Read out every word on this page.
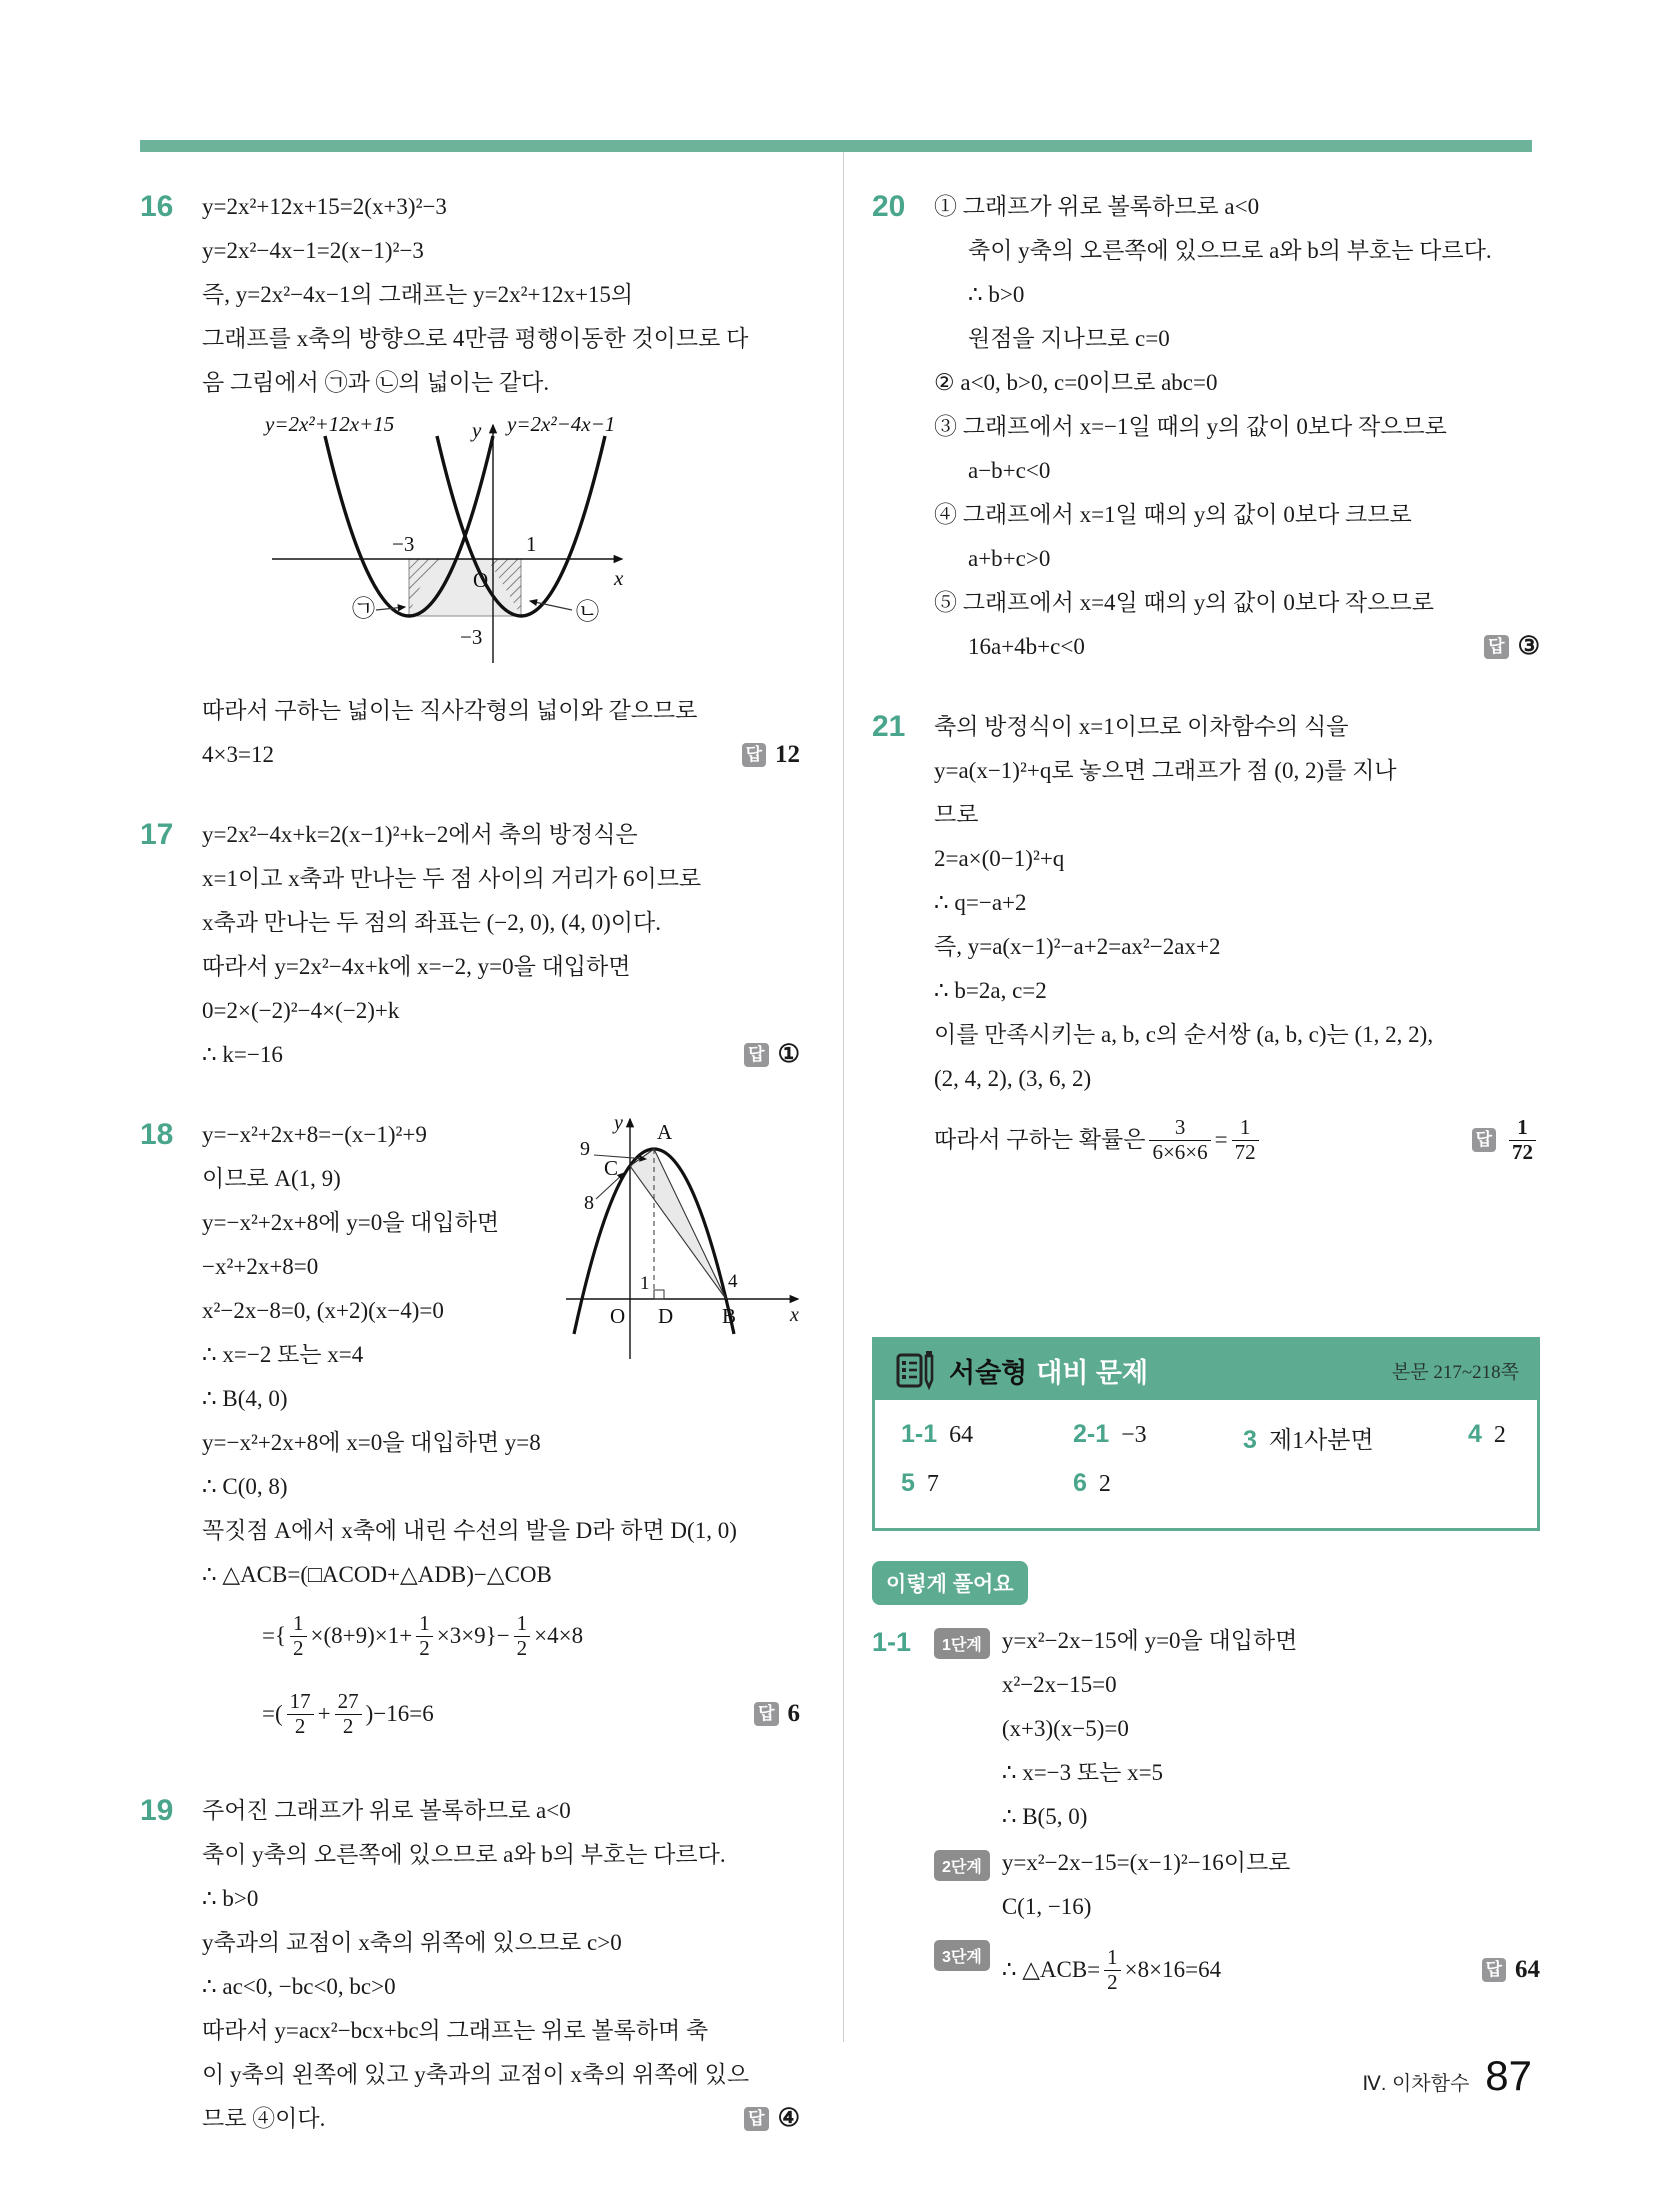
16	y=2x²+12x+15=2(x+3)²−3
y=2x²−4x−1=2(x−1)²−3
즉, y=2x²−4x−1의 그래프는 y=2x²+12x+15의
그래프를 x축의 방향으로 4만큼 평행이동한 것이므로 다
음 그림에서 ㉠과 ㉡의 넓이는 같다.
y=2x²+12x+15	y=2x²−4x−1
y
x
−3	1
O
−3
㉠	㉡
따라서 구하는 넓이는 직사각형의 넓이와 같으므로
4×3=12	답 12
17	y=2x²−4x+k=2(x−1)²+k−2에서 축의 방정식은
x=1이고 x축과 만나는 두 점 사이의 거리가 6이므로
x축과 만나는 두 점의 좌표는 (−2, 0), (4, 0)이다.
따라서 y=2x²−4x+k에 x=−2, y=0을 대입하면
0=2×(−2)²−4×(−2)+k
∴ k=−16	답 ①
18	y=−x²+2x+8=−(x−1)²+9
이므로 A(1, 9)
y=−x²+2x+8에 y=0을 대입하면
−x²+2x+8=0
x²−2x−8=0, (x+2)(x−4)=0
∴ x=−2 또는 x=4
∴ B(4, 0)
y
x
9
A
C
8
1	4
O D B
y=−x²+2x+8에 x=0을 대입하면 y=8
∴ C(0, 8)
꼭짓점 A에서 x축에 내린 수선의 발을 D라 하면 D(1, 0)
∴ △ACB=(□ACOD+△ADB)−△COB
={ $\frac{1}{2} \times(8+9)\times 1+ \frac{1}{2} \times 3\times 9\}- \frac{1}{2} \times 4\times 8$
=( $\frac{17}{2} + \frac{27}{2} )-16=6$	답 6
19	주어진 그래프가 위로 볼록하므로 a<0
축이 y축의 오른쪽에 있으므로 a와 b의 부호는 다르다.
∴ b>0
y축과의 교점이 x축의 위쪽에 있으므로 c>0
∴ ac<0, −bc<0, bc>0
따라서 y=acx²−bcx+bc의 그래프는 위로 볼록하며 축
이 y축의 왼쪽에 있고 y축과의 교점이 x축의 위쪽에 있으
므로 ④이다.	답 ④
20	① 그래프가 위로 볼록하므로 a<0
축이 y축의 오른쪽에 있으므로 a와 b의 부호는 다르다.
∴ b>0
원점을 지나므로 c=0
② a<0, b>0, c=0이므로 abc=0
③ 그래프에서 x=−1일 때의 y의 값이 0보다 작으므로
a−b+c<0
④ 그래프에서 x=1일 때의 y의 값이 0보다 크므로
a+b+c>0
⑤ 그래프에서 x=4일 때의 y의 값이 0보다 작으므로
16a+4b+c<0	답 ③
21	축의 방정식이 x=1이므로 이차함수의 식을
y=a(x−1)²+q로 놓으면 그래프가 점 (0, 2)를 지나
므로
2=a×(0−1)²+q
∴ q=−a+2
즉, y=a(x−1)²−a+2=ax²−2ax+2
∴ b=2a, c=2
이를 만족시키는 a, b, c의 순서쌍 (a, b, c)는 (1, 2, 2),
(2, 4, 2), (3, 6, 2)
따라서 구하는 확률은 $\frac{3}{6\times 6\times 6} = \frac{1}{72}$	답 $\frac{1}{72}$
서술형 대비 문제	본문 217~218쪽
1-1 64	2-1 −3	3 제1사분면	4 2
5 7	6 2
이렇게 풀어요
1-1	1단계 y=x²−2x−15에 y=0을 대입하면
x²−2x−15=0
(x+3)(x−5)=0
∴ x=−3 또는 x=5
∴ B(5, 0)
2단계 y=x²−2x−15=(x−1)²−16이므로
C(1, −16)
3단계 ∴ △ACB= $\frac{1}{2} \times 8\times 16=64$	답 64
Ⅳ. 이차함수 87
